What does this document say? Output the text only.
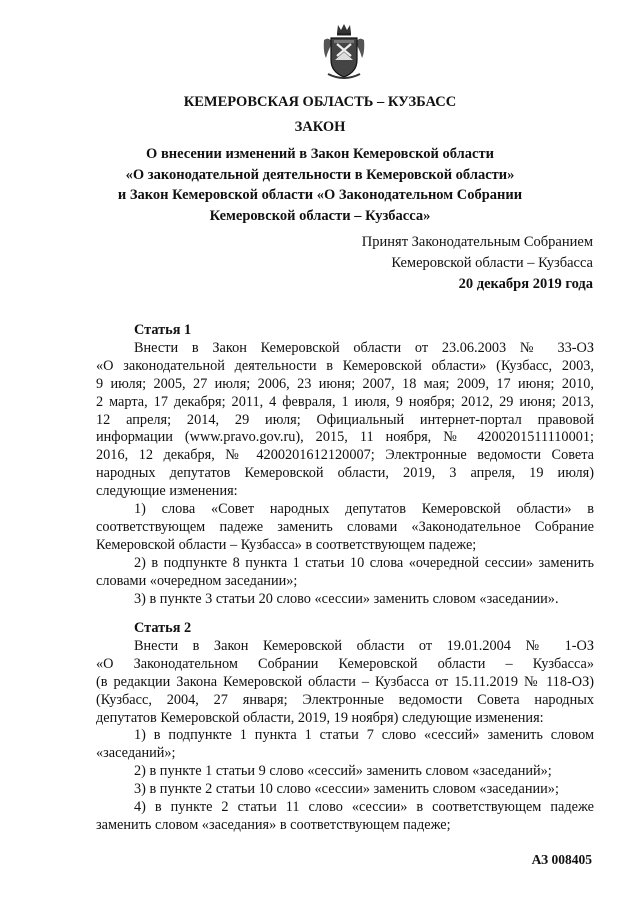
КЕМЕРОВСКАЯ ОБЛАСТЬ – КУЗБАСС
ЗАКОН
О внесении изменений в Закон Кемеровской области
«О законодательной деятельности в Кемеровской области»
и Закон Кемеровской области «О Законодательном Собрании
Кемеровской области – Кузбасса»
Принят Законодательным Собранием
Кемеровской области – Кузбасса
20 декабря 2019 года
Статья 1
Внести в Закон Кемеровской области от 23.06.2003 № 33-ОЗ
«О законодательной деятельности в Кемеровской области» (Кузбасс, 2003,
9 июля; 2005, 27 июля; 2006, 23 июня; 2007, 18 мая; 2009, 17 июня; 2010,
2 марта, 17 декабря; 2011, 4 февраля, 1 июля, 9 ноября; 2012, 29 июня; 2013,
12 апреля; 2014, 29 июля; Официальный интернет-портал правовой
информации (www.pravo.gov.ru), 2015, 11 ноября, № 4200201511110001;
2016, 12 декабря, № 4200201612120007; Электронные ведомости Совета
народных депутатов Кемеровской области, 2019, 3 апреля, 19 июля)
следующие изменения:
1) слова «Совет народных депутатов Кемеровской области» в
соответствующем падеже заменить словами «Законодательное Собрание
Кемеровской области – Кузбасса» в соответствующем падеже;
2) в подпункте 8 пункта 1 статьи 10 слова «очередной сессии» заменить
словами «очередном заседании»;
3) в пункте 3 статьи 20 слово «сессии» заменить словом «заседании».
Статья 2
Внести в Закон Кемеровской области от 19.01.2004 № 1-ОЗ
«О Законодательном Собрании Кемеровской области – Кузбасса»
(в редакции Закона Кемеровской области – Кузбасса от 15.11.2019 № 118-ОЗ)
(Кузбасс, 2004, 27 января; Электронные ведомости Совета народных
депутатов Кемеровской области, 2019, 19 ноября) следующие изменения:
1) в подпункте 1 пункта 1 статьи 7 слово «сессий» заменить словом
«заседаний»;
2) в пункте 1 статьи 9 слово «сессий» заменить словом «заседаний»;
3) в пункте 2 статьи 10 слово «сессии» заменить словом «заседании»;
4) в пункте 2 статьи 11 слово «сессии» в соответствующем падеже
заменить словом «заседания» в соответствующем падеже;
АЗ 008405
